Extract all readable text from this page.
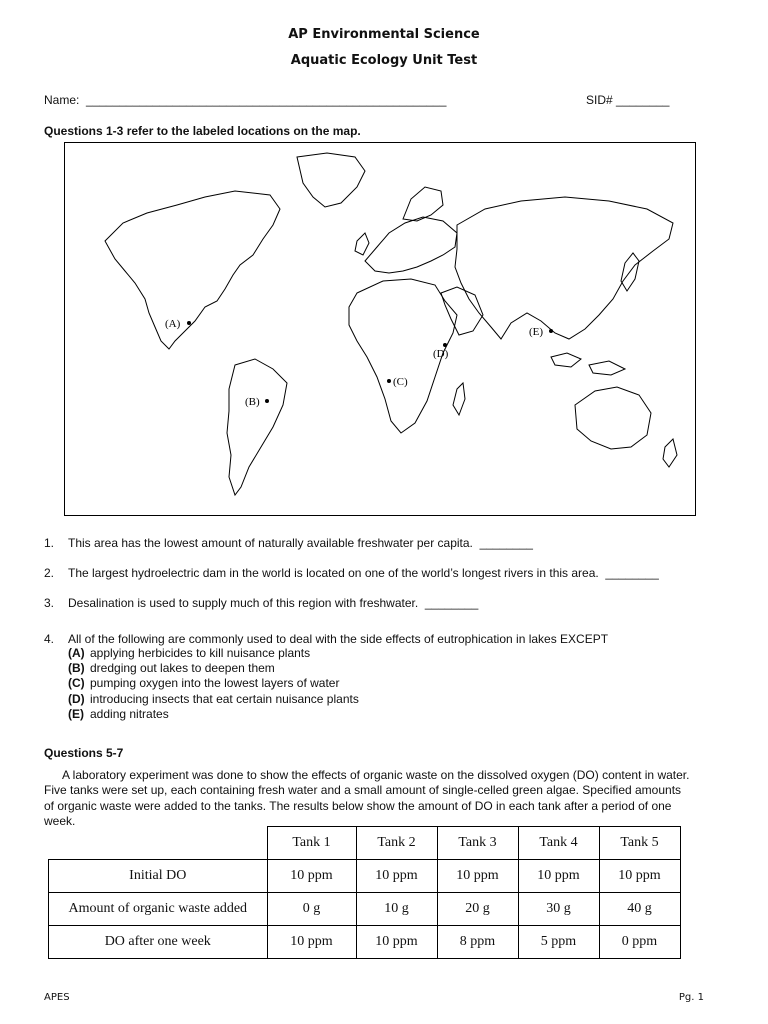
AP Environmental Science
Aquatic Ecology Unit Test
Name: ______________________________________________________	SID# ________
Questions 1-3 refer to the labeled locations on the map.
(A)
(B)
(C)
(D)
(E)
1. This area has the lowest amount of naturally available freshwater per capita. ________
2. The largest hydroelectric dam in the world is located on one of the world’s longest rivers in this area. ________
3. Desalination is used to supply much of this region with freshwater. ________
4. All of the following are commonly used to deal with the side effects of eutrophication in lakes EXCEPT
(A) applying herbicides to kill nuisance plants
(B) dredging out lakes to deepen them
(C) pumping oxygen into the lowest layers of water
(D) introducing insects that eat certain nuisance plants
(E) adding nitrates
Questions 5-7
A laboratory experiment was done to show the effects of organic waste on the dissolved oxygen (DO) content in water. Five tanks were set up, each containing fresh water and a small amount of single-celled green algae. Specified amounts of organic waste were added to the tanks. The results below show the amount of DO in each tank after a period of one week.
	Tank 1	Tank 2	Tank 3	Tank 4	Tank 5
Initial DO	10 ppm	10 ppm	10 ppm	10 ppm	10 ppm
Amount of organic waste added	0 g	10 g	20 g	30 g	40 g
DO after one week	10 ppm	10 ppm	8 ppm	5 ppm	0 ppm
APES	Pg. 1
